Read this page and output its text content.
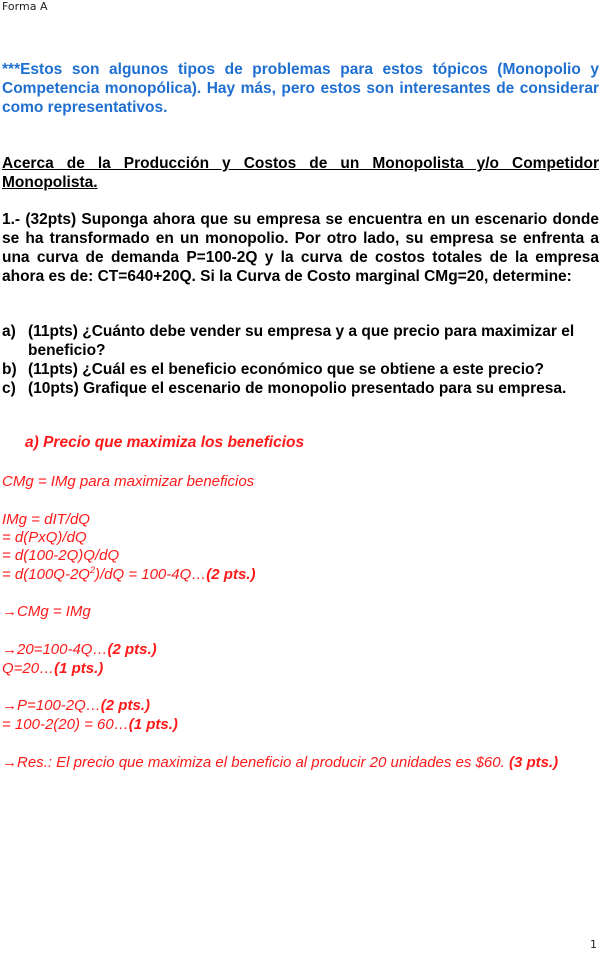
Forma A
***Estos son algunos tipos de problemas para estos tópicos (Monopolio y Competencia monopólica). Hay más, pero estos son interesantes de considerar como representativos.
Acerca de la Producción y Costos de un Monopolista y/o Competidor Monopolista.

1.- (32pts) Suponga ahora que su empresa se encuentra en un escenario donde se ha transformado en un monopolio. Por otro lado, su empresa se enfrenta a una curva de demanda P=100-2Q y la curva de costos totales de la empresa ahora es de: CT=640+20Q. Si la Curva de Costo marginal CMg=20, determine:

a) (11pts) ¿Cuánto debe vender su empresa y a que precio para maximizar el beneficio?
b) (11pts) ¿Cuál es el beneficio económico que se obtiene a este precio?
c) (10pts) Grafique el escenario de monopolio presentado para su empresa.
a) Precio que maximiza los beneficios
CMg = IMg para maximizar beneficios
IMg = dIT/dQ
= d(PxQ)/dQ
= d(100-2Q)Q/dQ
= $d(100Q-2Q^2)/dQ$ = 100-4Q…(2 pts.)
→CMg = IMg
→20=100-4Q…(2 pts.)
Q=20…(1 pts.)
→P=100-2Q…(2 pts.)
= 100-2(20) = 60…(1 pts.)
→Res.: El precio que maximiza el beneficio al producir 20 unidades es $60. (3 pts.)
1
